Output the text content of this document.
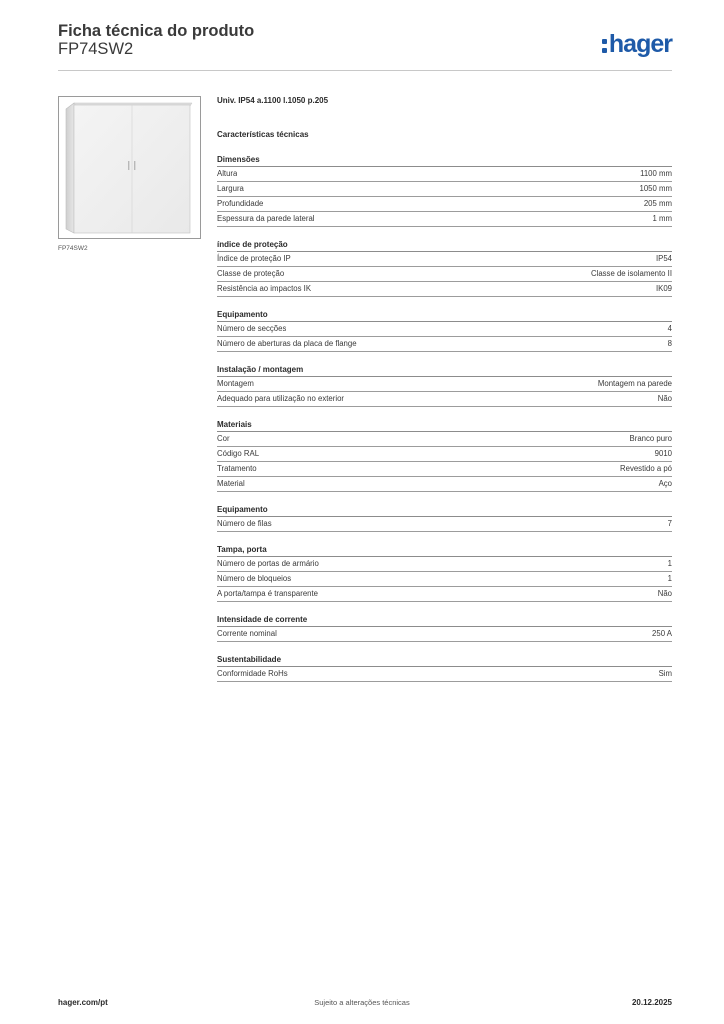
Ficha técnica do produto
FP74SW2	hager
FP74SW2
Univ. IP54 a.1100 l.1050 p.205
Características técnicas
Dimensões
Altura	1100 mm
Largura	1050 mm
Profundidade	205 mm
Espessura da parede lateral	1 mm
índice de proteção
Índice de proteção IP	IP54
Classe de proteção	Classe de isolamento II
Resistência ao impactos IK	IK09
Equipamento
Número de secções	4
Número de aberturas da placa de flange	8
Instalação / montagem
Montagem	Montagem na parede
Adequado para utilização no exterior	Não
Materiais
Cor	Branco puro
Código RAL	9010
Tratamento	Revestido a pó
Material	Aço
Equipamento
Número de filas	7
Tampa, porta
Número de portas de armário	1
Número de bloqueios	1
A porta/tampa é transparente	Não
Intensidade de corrente
Corrente nominal	250 A
Sustentabilidade
Conformidade RoHs	Sim
hager.com/pt	Sujeito a alterações técnicas	20.12.2025
